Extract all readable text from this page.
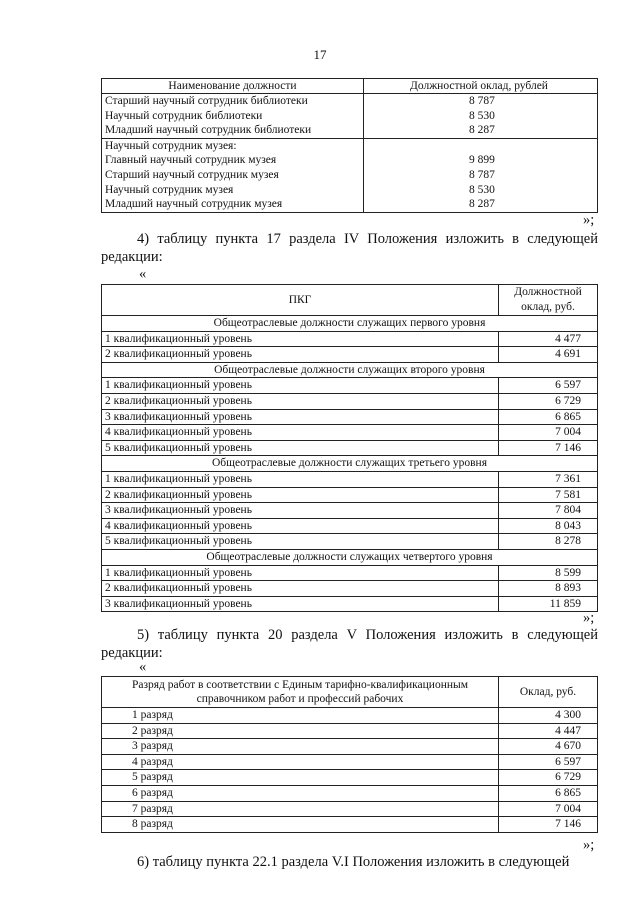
17
Наименование должности	Должностной оклад, рублей
Старший научный сотрудник библиотеки	8 787
Научный сотрудник библиотеки	8 530
Младший научный сотрудник библиотеки	8 287
Научный сотрудник музея:	
Главный научный сотрудник музея	9 899
Старший научный сотрудник музея	8 787
Научный сотрудник музея	8 530
Младший научный сотрудник музея	8 287
»;
4) таблицу пункта 17 раздела IV Положения изложить в следующей редакции:
«
ПКГ	Должностной оклад, руб.
Общеотраслевые должности служащих первого уровня	
1 квалификационный уровень	4 477
2 квалификационный уровень	4 691
Общеотраслевые должности служащих второго уровня	
1 квалификационный уровень	6 597
2 квалификационный уровень	6 729
3 квалификационный уровень	6 865
4 квалификационный уровень	7 004
5 квалификационный уровень	7 146
Общеотраслевые должности служащих третьего уровня	
1 квалификационный уровень	7 361
2 квалификационный уровень	7 581
3 квалификационный уровень	7 804
4 квалификационный уровень	8 043
5 квалификационный уровень	8 278
Общеотраслевые должности служащих четвертого уровня	
1 квалификационный уровень	8 599
2 квалификационный уровень	8 893
3 квалификационный уровень	11 859
»;
5) таблицу пункта 20 раздела V Положения изложить в следующей редакции:
«
Разряд работ в соответствии с Единым тарифно-квалификационным справочником работ и профессий рабочих	Оклад, руб.
1 разряд	4 300
2 разряд	4 447
3 разряд	4 670
4 разряд	6 597
5 разряд	6 729
6 разряд	6 865
7 разряд	7 004
8 разряд	7 146
»;
6) таблицу пункта 22.1 раздела V.I Положения изложить в следующей
